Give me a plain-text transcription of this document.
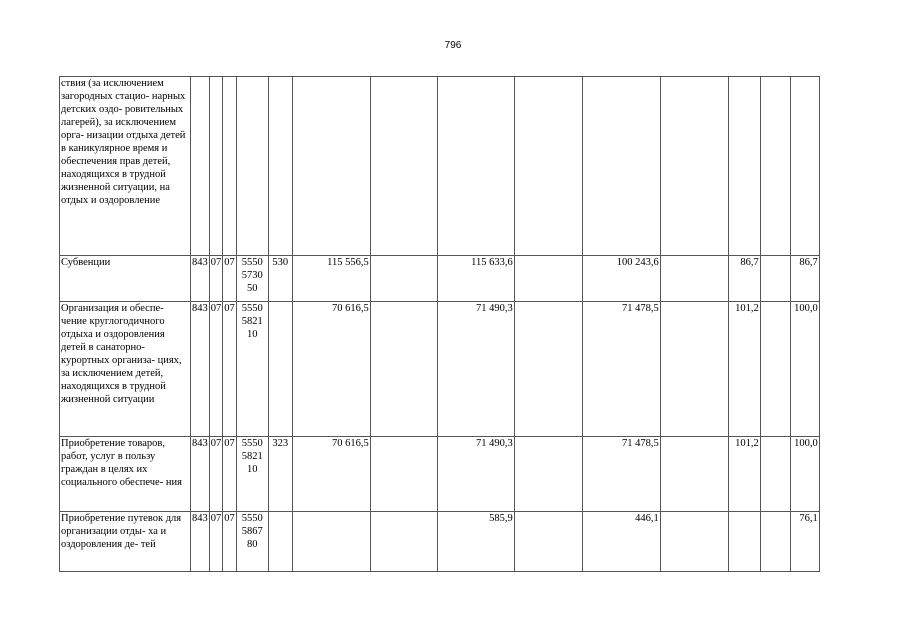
796
ствия (за исключением загородных стацио- нарных детских оздо- ровительных лагерей), за исключением орга- низации отдыха детей в каникулярное время и обеспечения прав детей, находящихся в трудной жизненной ситуации, на отдых и оздоровление														
Субвенции	843	07	07	5550 5730 50	530	115 556,5		115 633,6		100 243,6		86,7		86,7
Организация и обеспе- чение круглогодичного отдыха и оздоровления детей в санаторно- курортных организа- циях, за исключением детей, находящихся в трудной жизненной ситуации	843	07	07	5550 5821 10		70 616,5		71 490,3		71 478,5		101,2		100,0
Приобретение товаров, работ, услуг в пользу граждан в целях их социального обеспече- ния	843	07	07	5550 5821 10	323	70 616,5		71 490,3		71 478,5		101,2		100,0
Приобретение путевок для организации отды- ха и оздоровления де- тей	843	07	07	5550 5867 80				585,9		446,1				76,1
